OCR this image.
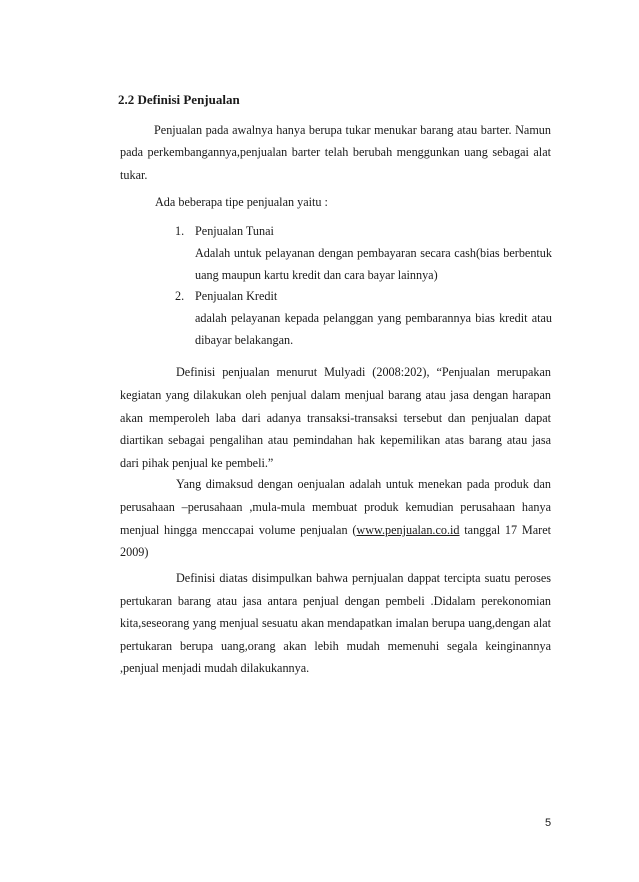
2.2 Definisi Penjualan

Penjualan pada awalnya hanya berupa tukar menukar barang atau barter. Namun pada perkembangannya,penjualan barter telah berubah menggunkan uang sebagai alat tukar.

Ada beberapa tipe penjualan yaitu :

1. Penjualan Tunai

Adalah untuk pelayanan dengan pembayaran secara cash(bias berbentuk uang maupun kartu kredit dan cara bayar lainnya)

2. Penjualan Kredit

adalah pelayanan kepada pelanggan yang pembarannya bias kredit atau dibayar belakangan.

Definisi penjualan menurut Mulyadi (2008:202), “Penjualan merupakan kegiatan yang dilakukan oleh penjual dalam menjual barang atau jasa dengan harapan akan memperoleh laba dari adanya transaksi-transaksi tersebut dan penjualan dapat diartikan sebagai pengalihan atau pemindahan hak kepemilikan atas barang atau jasa dari pihak penjual ke pembeli.”

Yang dimaksud dengan oenjualan adalah untuk menekan pada produk dan perusahaan –perusahaan ,mula-mula membuat produk kemudian perusahaan hanya menjual hingga menccapai volume penjualan (www.penjualan.co.id tanggal 17 Maret 2009)

Definisi diatas disimpulkan bahwa pernjualan dappat tercipta suatu peroses pertukaran barang atau jasa antara penjual dengan pembeli .Didalam perekonomian kita,seseorang yang menjual sesuatu akan mendapatkan imalan berupa uang,dengan alat pertukaran berupa uang,orang akan lebih mudah memenuhi segala keinginannya ,penjual menjadi mudah dilakukannya.

5
